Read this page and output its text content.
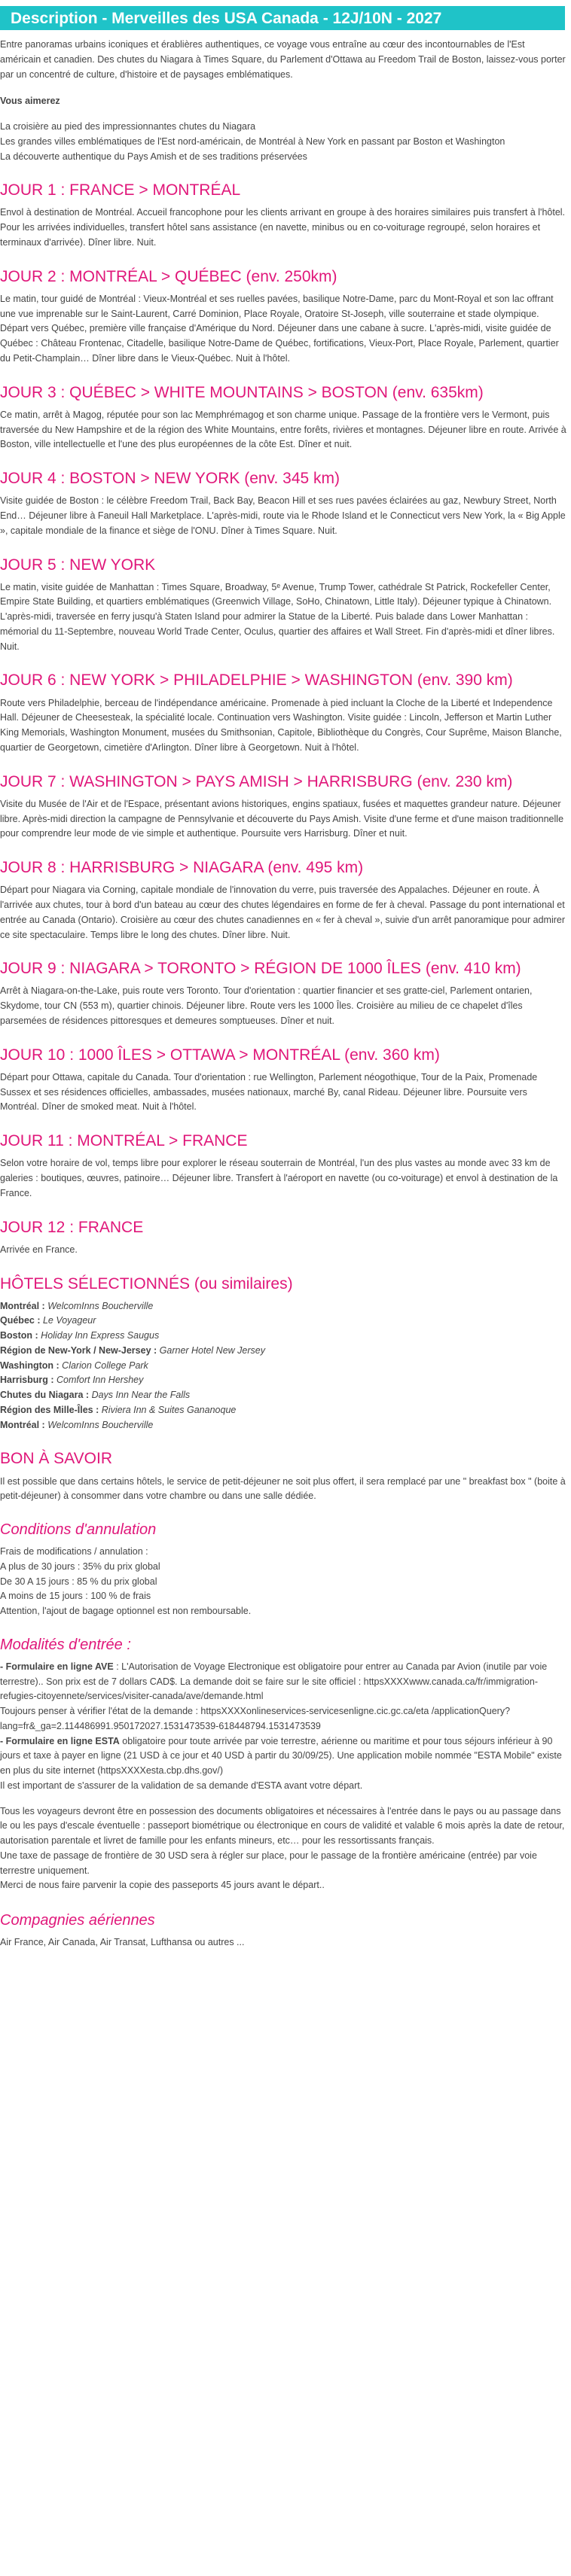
Description - Merveilles des USA Canada - 12J/10N - 2027

Entre panoramas urbains iconiques et érablières authentiques, ce voyage vous entraîne au cœur des incontournables de l'Est américain et canadien. Des chutes du Niagara à Times Square, du Parlement d'Ottawa au Freedom Trail de Boston, laissez-vous porter par un concentré de culture, d'histoire et de paysages emblématiques.

Vous aimerez

La croisière au pied des impressionnantes chutes du Niagara
Les grandes villes emblématiques de l'Est nord-américain, de Montréal à New York en passant par Boston et Washington
La découverte authentique du Pays Amish et de ses traditions préservées
JOUR 1 : FRANCE > MONTRÉAL

Envol à destination de Montréal. Accueil francophone pour les clients arrivant en groupe à des horaires similaires puis transfert à l'hôtel. Pour les arrivées individuelles, transfert hôtel sans assistance (en navette, minibus ou en co-voiturage regroupé, selon horaires et terminaux d'arrivée). Dîner libre. Nuit.

JOUR 2 : MONTRÉAL > QUÉBEC (env. 250km)

Le matin, tour guidé de Montréal : Vieux-Montréal et ses ruelles pavées, basilique Notre-Dame, parc du Mont-Royal et son lac offrant une vue imprenable sur le Saint-Laurent, Carré Dominion, Place Royale, Oratoire St-Joseph, ville souterraine et stade olympique. Départ vers Québec, première ville française d'Amérique du Nord. Déjeuner dans une cabane à sucre. L'après-midi, visite guidée de Québec : Château Frontenac, Citadelle, basilique Notre-Dame de Québec, fortifications, Vieux-Port, Place Royale, Parlement, quartier du Petit-Champlain… Dîner libre dans le Vieux-Québec. Nuit à l'hôtel.

JOUR 3 : QUÉBEC > WHITE MOUNTAINS > BOSTON (env. 635km)

Ce matin, arrêt à Magog, réputée pour son lac Memphrémagog et son charme unique. Passage de la frontière vers le Vermont, puis traversée du New Hampshire et de la région des White Mountains, entre forêts, rivières et montagnes. Déjeuner libre en route. Arrivée à Boston, ville intellectuelle et l'une des plus européennes de la côte Est. Dîner et nuit.

JOUR 4 : BOSTON > NEW YORK (env. 345 km)

Visite guidée de Boston : le célèbre Freedom Trail, Back Bay, Beacon Hill et ses rues pavées éclairées au gaz, Newbury Street, North End… Déjeuner libre à Faneuil Hall Marketplace. L'après-midi, route via le Rhode Island et le Connecticut vers New York, la « Big Apple », capitale mondiale de la finance et siège de l'ONU. Dîner à Times Square. Nuit.

JOUR 5 : NEW YORK

Le matin, visite guidée de Manhattan : Times Square, Broadway, 5ᵉ Avenue, Trump Tower, cathédrale St Patrick, Rockefeller Center, Empire State Building, et quartiers emblématiques (Greenwich Village, SoHo, Chinatown, Little Italy). Déjeuner typique à Chinatown. L'après-midi, traversée en ferry jusqu'à Staten Island pour admirer la Statue de la Liberté. Puis balade dans Lower Manhattan : mémorial du 11-Septembre, nouveau World Trade Center, Oculus, quartier des affaires et Wall Street. Fin d'après-midi et dîner libres. Nuit.

JOUR 6 : NEW YORK > PHILADELPHIE > WASHINGTON (env. 390 km)

Route vers Philadelphie, berceau de l'indépendance américaine. Promenade à pied incluant la Cloche de la Liberté et Independence Hall. Déjeuner de Cheesesteak, la spécialité locale. Continuation vers Washington. Visite guidée : Lincoln, Jefferson et Martin Luther King Memorials, Washington Monument, musées du Smithsonian, Capitole, Bibliothèque du Congrès, Cour Suprême, Maison Blanche, quartier de Georgetown, cimetière d'Arlington. Dîner libre à Georgetown. Nuit à l'hôtel.

JOUR 7 : WASHINGTON > PAYS AMISH > HARRISBURG (env. 230 km)

Visite du Musée de l'Air et de l'Espace, présentant avions historiques, engins spatiaux, fusées et maquettes grandeur nature. Déjeuner libre. Après-midi direction la campagne de Pennsylvanie et découverte du Pays Amish. Visite d'une ferme et d'une maison traditionnelle pour comprendre leur mode de vie simple et authentique. Poursuite vers Harrisburg. Dîner et nuit.

JOUR 8 : HARRISBURG > NIAGARA (env. 495 km)

Départ pour Niagara via Corning, capitale mondiale de l'innovation du verre, puis traversée des Appalaches. Déjeuner en route. À l'arrivée aux chutes, tour à bord d'un bateau au cœur des chutes légendaires en forme de fer à cheval. Passage du pont international et entrée au Canada (Ontario). Croisière au cœur des chutes canadiennes en « fer à cheval », suivie d'un arrêt panoramique pour admirer ce site spectaculaire. Temps libre le long des chutes. Dîner libre. Nuit.

JOUR 9 : NIAGARA > TORONTO > RÉGION DE 1000 ÎLES (env. 410 km)

Arrêt à Niagara-on-the-Lake, puis route vers Toronto. Tour d'orientation : quartier financier et ses gratte-ciel, Parlement ontarien, Skydome, tour CN (553 m), quartier chinois. Déjeuner libre. Route vers les 1000 Îles. Croisière au milieu de ce chapelet d'îles parsemées de résidences pittoresques et demeures somptueuses. Dîner et nuit.

JOUR 10 : 1000 ÎLES > OTTAWA > MONTRÉAL (env. 360 km)

Départ pour Ottawa, capitale du Canada. Tour d'orientation : rue Wellington, Parlement néogothique, Tour de la Paix, Promenade Sussex et ses résidences officielles, ambassades, musées nationaux, marché By, canal Rideau. Déjeuner libre. Poursuite vers Montréal. Dîner de smoked meat. Nuit à l'hôtel.

JOUR 11 : MONTRÉAL > FRANCE

Selon votre horaire de vol, temps libre pour explorer le réseau souterrain de Montréal, l'un des plus vastes au monde avec 33 km de galeries : boutiques, œuvres, patinoire… Déjeuner libre. Transfert à l'aéroport en navette (ou co-voiturage) et envol à destination de la France.

JOUR 12 : FRANCE

Arrivée en France.

HÔTELS SÉLECTIONNÉS (ou similaires)
Montréal : WelcomInns Boucherville
Québec : Le Voyageur
Boston : Holiday Inn Express Saugus
Région de New-York / New-Jersey : Garner Hotel New Jersey
Washington : Clarion College Park
Harrisburg : Comfort Inn Hershey
Chutes du Niagara : Days Inn Near the Falls
Région des Mille-Îles : Riviera Inn & Suites Gananoque
Montréal : WelcomInns Boucherville
BON À SAVOIR

Il est possible que dans certains hôtels, le service de petit-déjeuner ne soit plus offert, il sera remplacé par une " breakfast box " (boite à petit-déjeuner) à consommer dans votre chambre ou dans une salle dédiée.

Conditions d'annulation
Frais de modifications / annulation :
A plus de 30 jours : 35% du prix global
De 30 A 15 jours : 85 % du prix global
A moins de 15 jours : 100 % de frais
Attention, l'ajout de bagage optionnel est non remboursable.
Modalités d'entrée :

- Formulaire en ligne AVE : L'Autorisation de Voyage Electronique est obligatoire pour entrer au Canada par Avion (inutile par voie terrestre).. Son prix est de 7 dollars CAD$. La demande doit se faire sur le site officiel : httpsXXXXwww.canada.ca/fr/immigration-refugies-citoyennete/services/visiter-canada/ave/demande.html

Toujours penser à vérifier l'état de la demande : httpsXXXXonlineservices-servicesenligne.cic.gc.ca/eta /applicationQuery?lang=fr&_ga=2.114486991.950172027.1531473539-618448794.1531473539

- Formulaire en ligne ESTA obligatoire pour toute arrivée par voie terrestre, aérienne ou maritime et pour tous séjours inférieur à 90 jours et taxe à payer en ligne (21 USD à ce jour et 40 USD à partir du 30/09/25). Une application mobile nommée "ESTA Mobile" existe en plus du site internet (httpsXXXXesta.cbp.dhs.gov/)

Il est important de s'assurer de la validation de sa demande d'ESTA avant votre départ.

Tous les voyageurs devront être en possession des documents obligatoires et nécessaires à l'entrée dans le pays ou au passage dans le ou les pays d'escale éventuelle : passeport biométrique ou électronique en cours de validité et valable 6 mois après la date de retour, autorisation parentale et livret de famille pour les enfants mineurs, etc… pour les ressortissants français.

Une taxe de passage de frontière de 30 USD sera à régler sur place, pour le passage de la frontière américaine (entrée) par voie terrestre uniquement.

Merci de nous faire parvenir la copie des passeports 45 jours avant le départ..

Compagnies aériennes

Air France, Air Canada, Air Transat, Lufthansa ou autres ...
